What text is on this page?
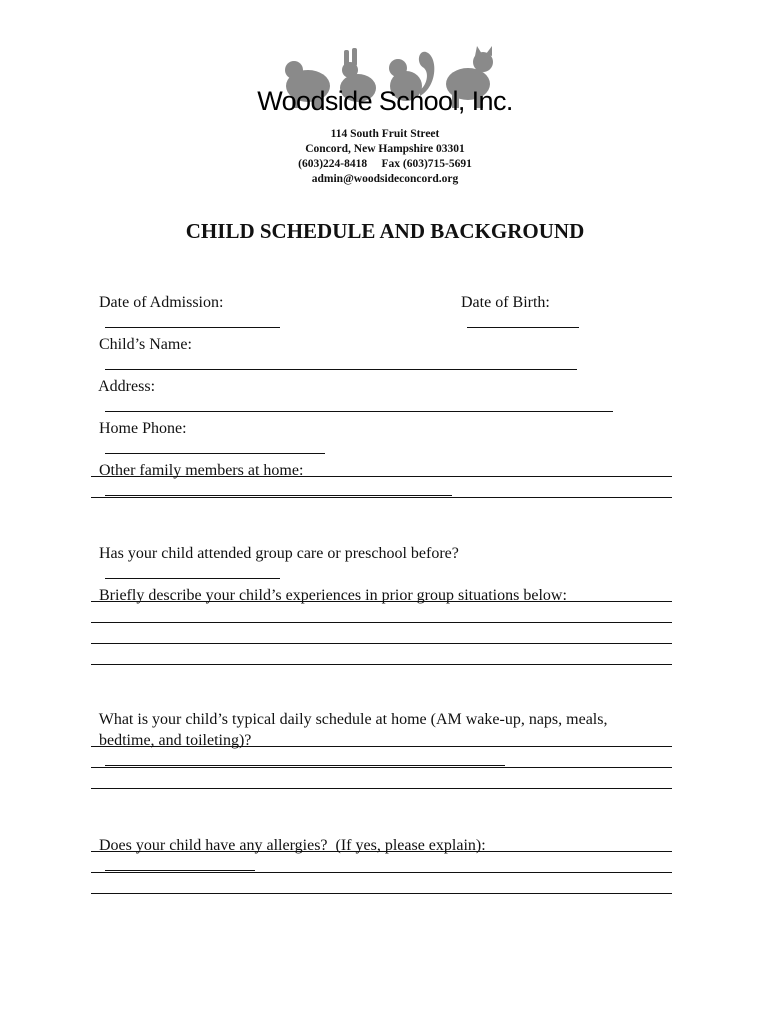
Woodside School, Inc.
114 South Fruit Street
Concord, New Hampshire 03301
(603)224-8418     Fax (603)715-5691
admin@woodsideconcord.org
CHILD SCHEDULE AND BACKGROUND

Date of Admission:
	Date of Birth:

Child’s Name:

Address:

Home Phone:

Other family members at home:

Has your child attended group care or preschool before?

Briefly describe your child’s experiences in prior group situations below:

What is your child’s typical daily schedule at home (AM wake-up, naps, meals,

bedtime, and toileting)?

Does your child have any allergies?  (If yes, please explain):
